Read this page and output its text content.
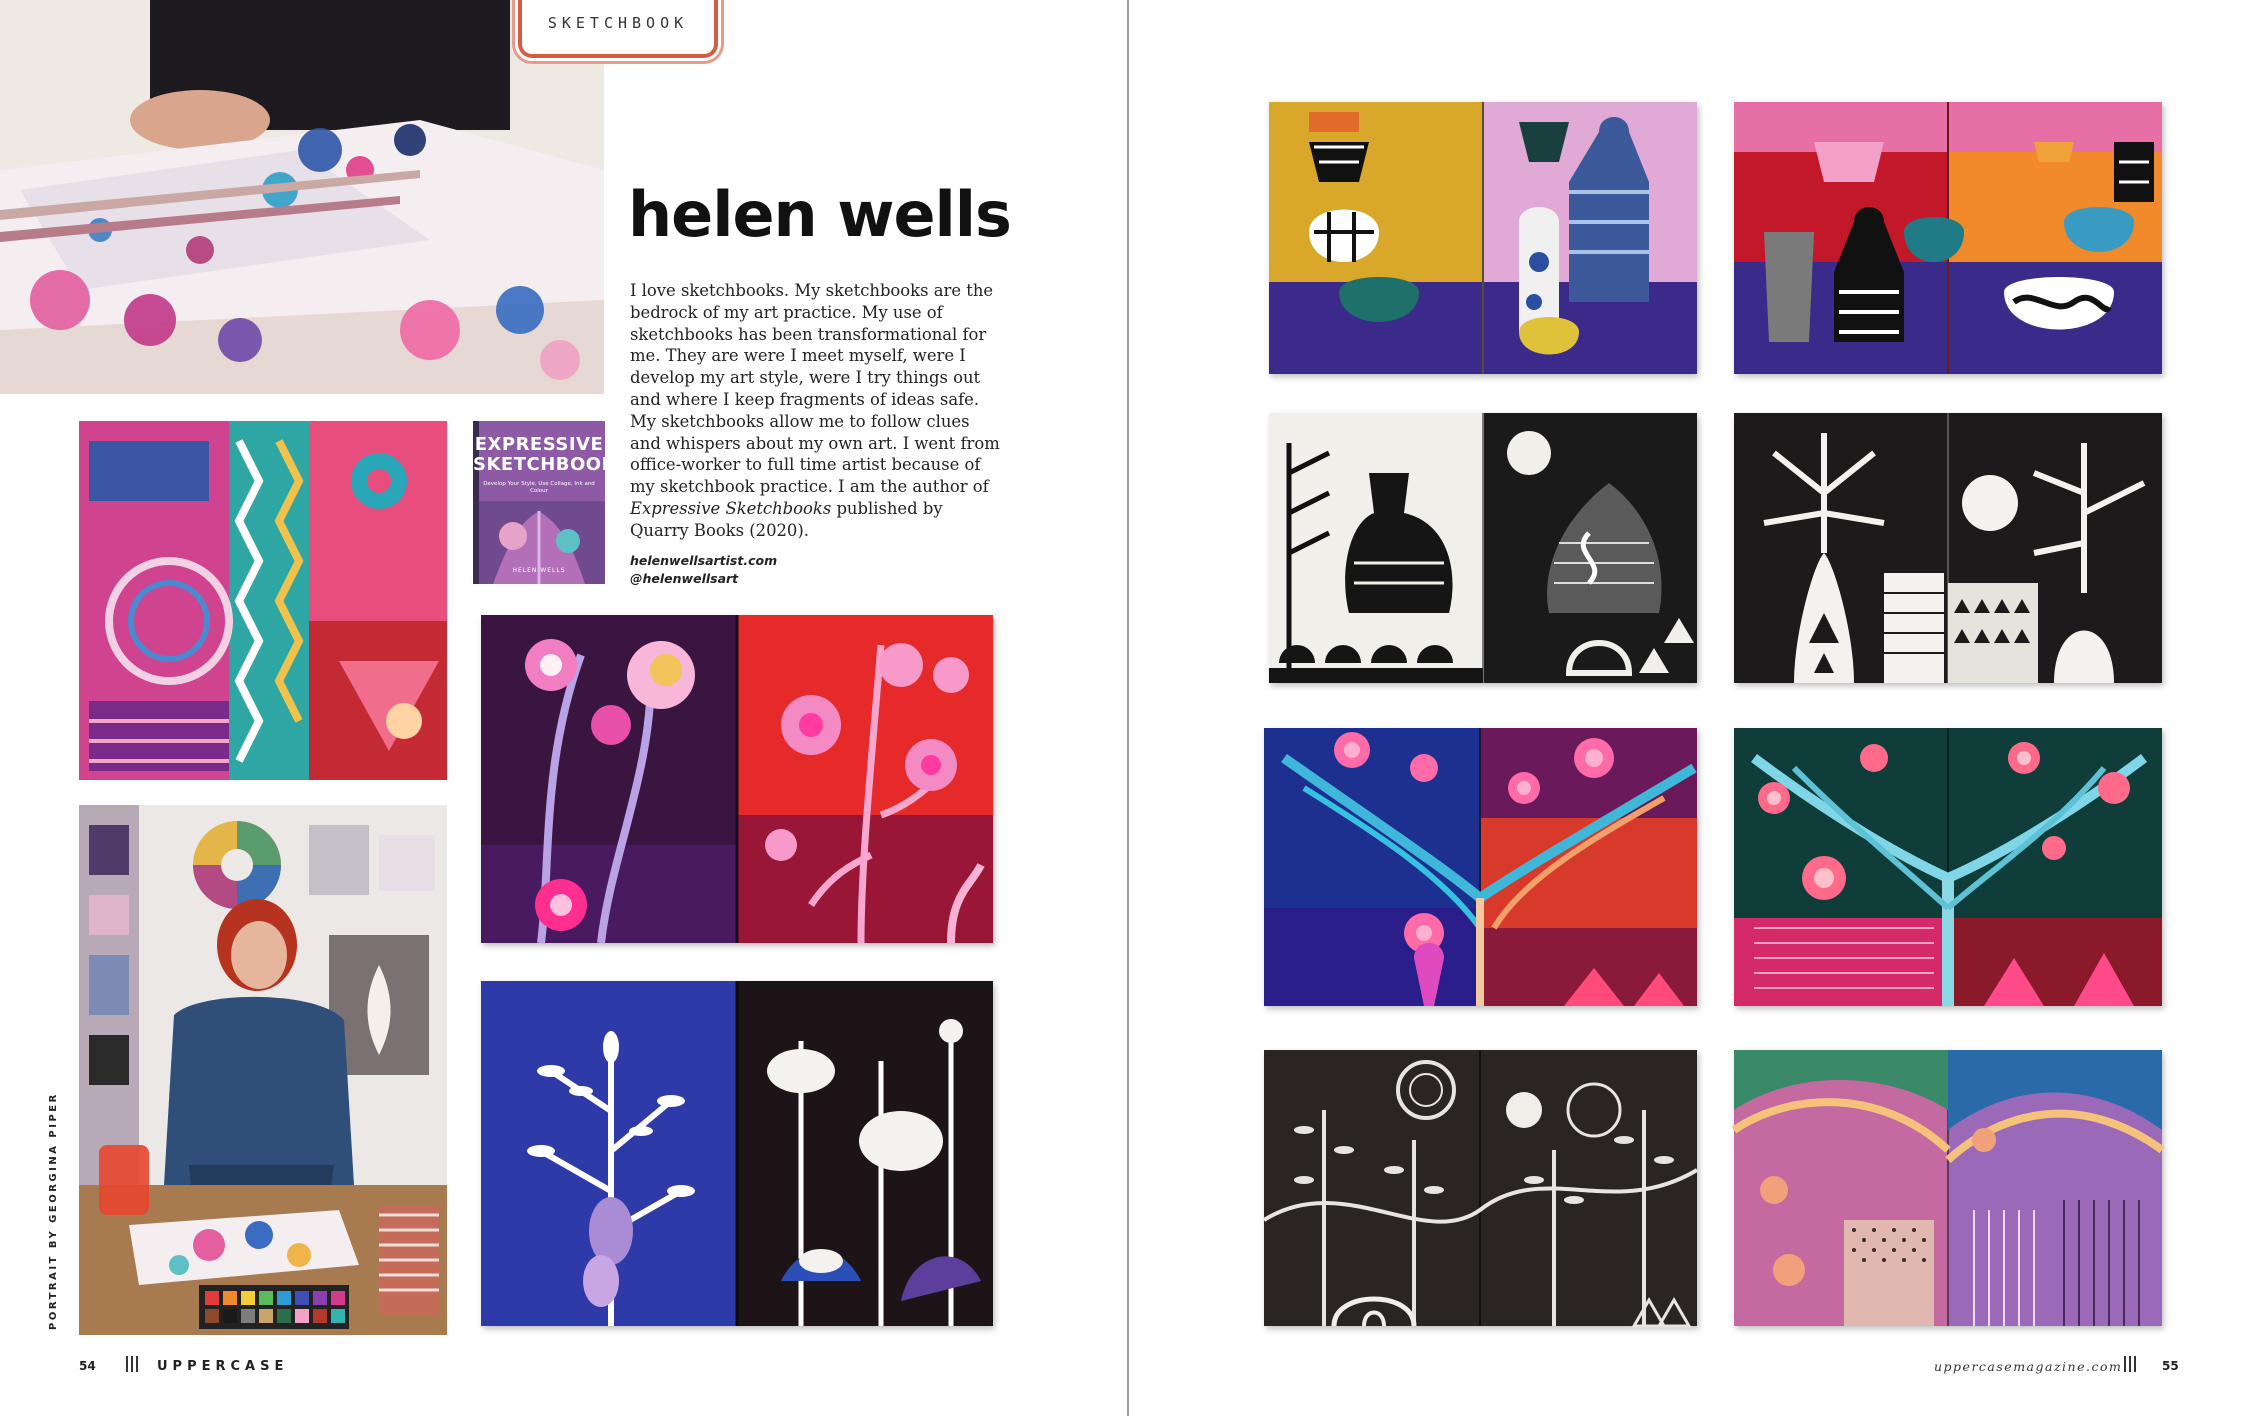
SKETCHBOOK
helen wells
I love sketchbooks. My sketchbooks are the bedrock of my art practice. My use of sketchbooks has been transformational for me. They are were I meet myself, were I develop my art style, were I try things out and where I keep fragments of ideas safe. My sketchbooks allow me to follow clues and whispers about my own art. I went from office-worker to full time artist because of my sketchbook practice. I am the author of Expressive Sketchbooks published by Quarry Books (2020).
helenwellsartist.com
@helenwellsart
EXPRESSIVE SKETCHBOOKS
Develop Your Style, Use Collage, Ink and Colour
HELEN WELLS
PORTRAIT BY GEORGINA PIPER
54	UPPERCASE	uppercasemagazine.com	55
